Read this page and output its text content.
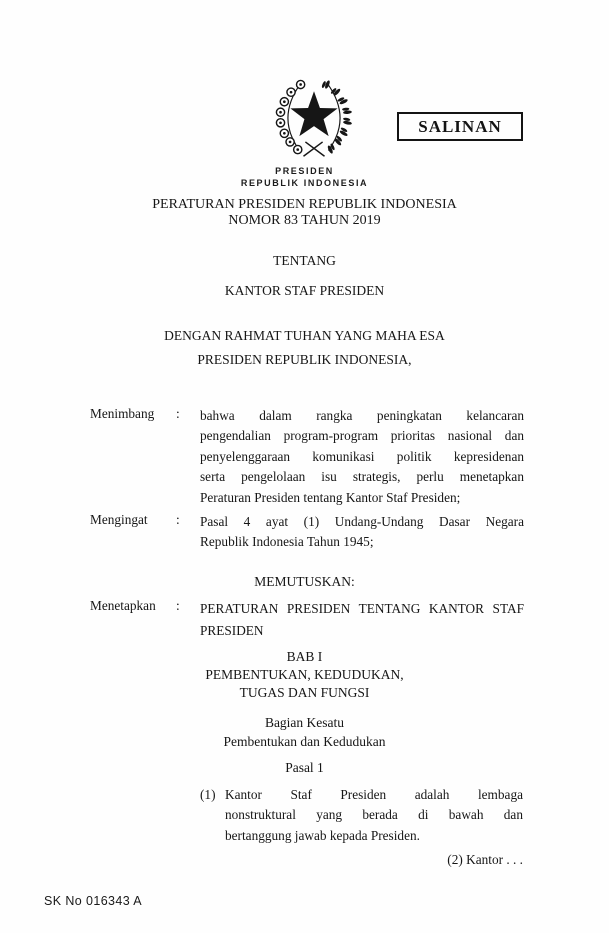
SALINAN
PRESIDEN
REPUBLIK INDONESIA
PERATURAN PRESIDEN REPUBLIK INDONESIA
NOMOR 83 TAHUN 2019
TENTANG
KANTOR STAF PRESIDEN
DENGAN RAHMAT TUHAN YANG MAHA ESA
PRESIDEN REPUBLIK INDONESIA,
Menimbang	:	bahwa dalam rangka peningkatan kelancaran
pengendalian program-program prioritas nasional dan
penyelenggaraan komunikasi politik kepresidenan
serta pengelolaan isu strategis, perlu menetapkan
Peraturan Presiden tentang Kantor Staf Presiden;
Mengingat	:	Pasal 4 ayat (1) Undang-Undang Dasar Negara
Republik Indonesia Tahun 1945;
MEMUTUSKAN:
Menetapkan	:	PERATURAN PRESIDEN TENTANG KANTOR STAF
PRESIDEN
BAB I
PEMBENTUKAN, KEDUDUKAN,
TUGAS DAN FUNGSI
Bagian Kesatu
Pembentukan dan Kedudukan
Pasal 1
(1) Kantor Staf Presiden adalah lembaga
nonstruktural yang berada di bawah dan
bertanggung jawab kepada Presiden.
(2) Kantor . . .
SK No 016343 A
